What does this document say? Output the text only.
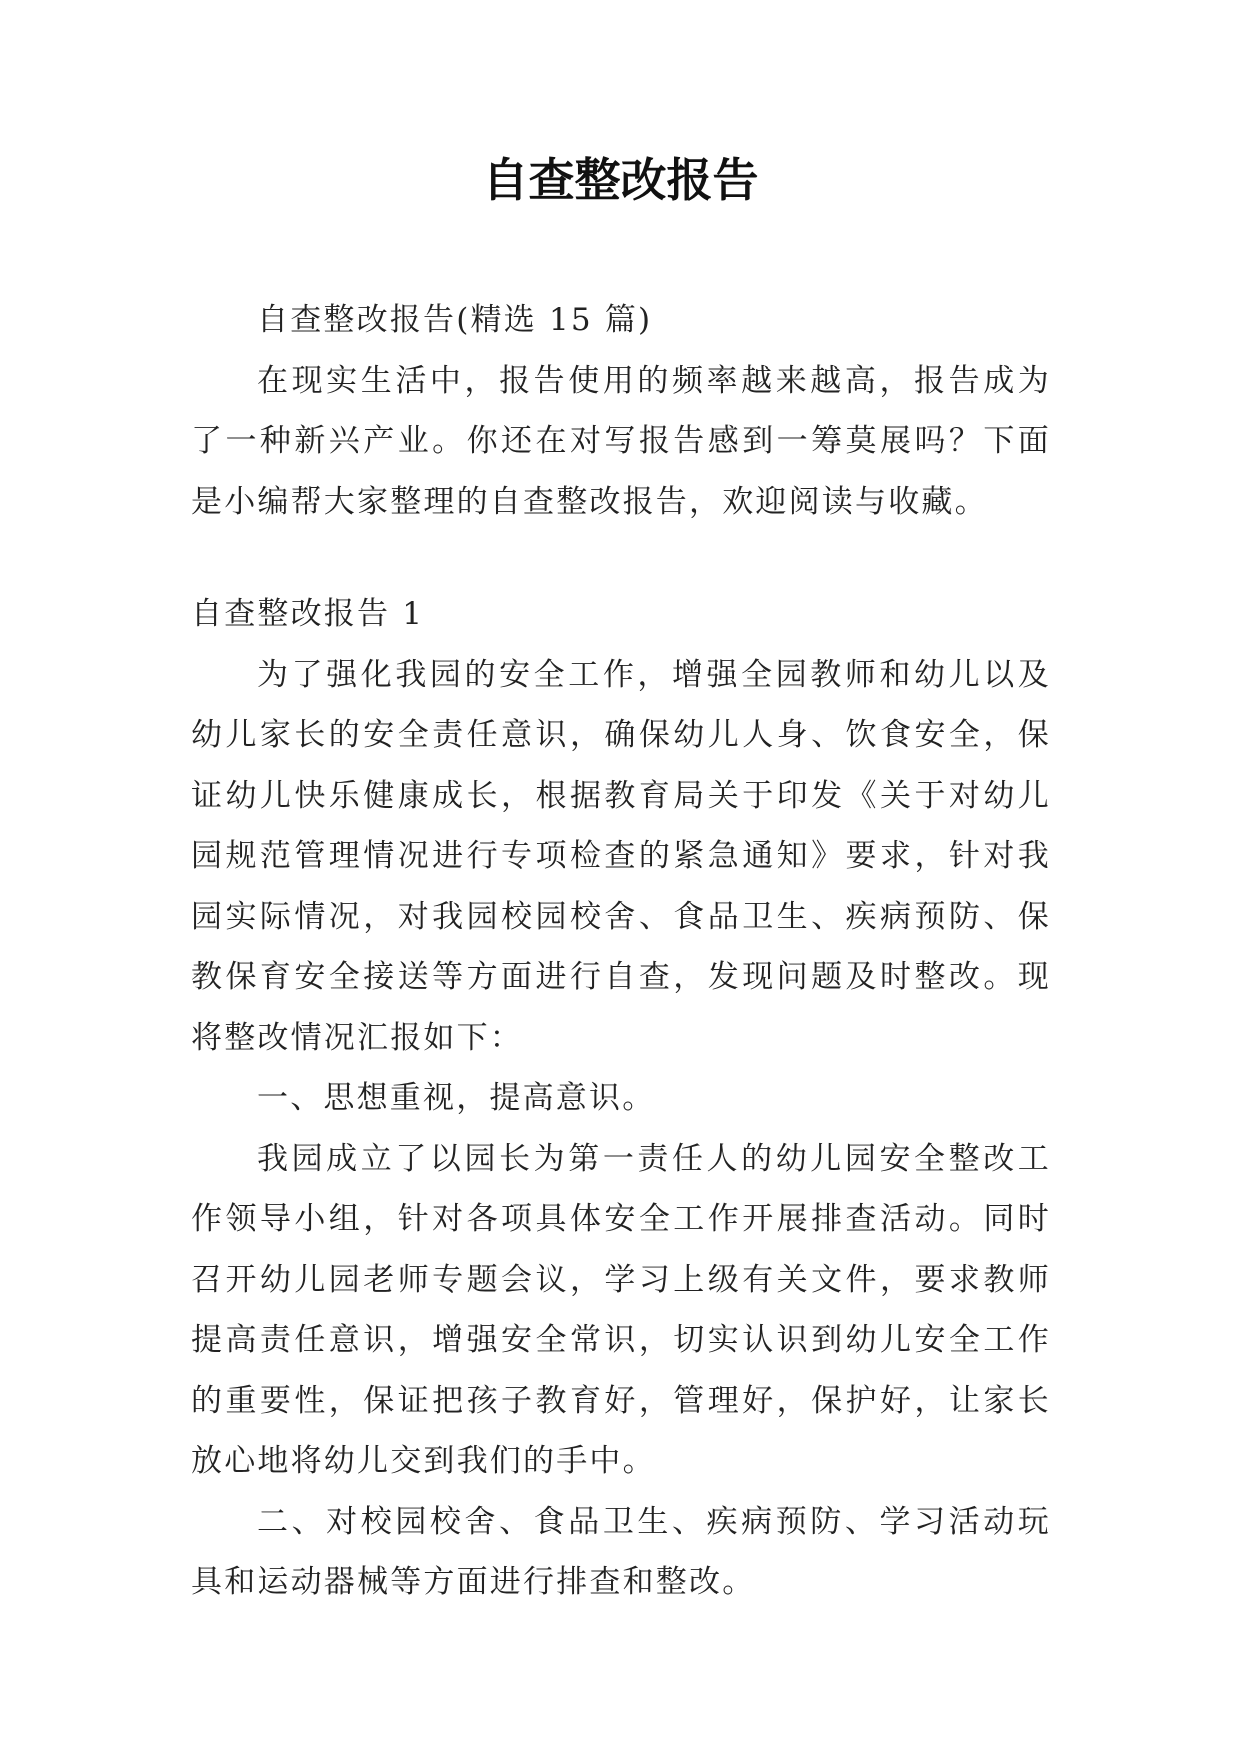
自查整改报告

自查整改报告(精选 15 篇)

在现实生活中，报告使用的频率越来越高，报告成为了一种新兴产业。你还在对写报告感到一筹莫展吗？下面是小编帮大家整理的自查整改报告，欢迎阅读与收藏。

自查整改报告 1

为了强化我园的安全工作，增强全园教师和幼儿以及幼儿家长的安全责任意识，确保幼儿人身、饮食安全，保证幼儿快乐健康成长，根据教育局关于印发《关于对幼儿园规范管理情况进行专项检查的紧急通知》要求，针对我园实际情况，对我园校园校舍、食品卫生、疾病预防、保教保育安全接送等方面进行自查，发现问题及时整改。现将整改情况汇报如下：

一、思想重视，提高意识。

我园成立了以园长为第一责任人的幼儿园安全整改工作领导小组，针对各项具体安全工作开展排查活动。同时召开幼儿园老师专题会议，学习上级有关文件，要求教师提高责任意识，增强安全常识，切实认识到幼儿安全工作的重要性，保证把孩子教育好，管理好，保护好，让家长放心地将幼儿交到我们的手中。

二、对校园校舍、食品卫生、疾病预防、学习活动玩具和运动器械等方面进行排查和整改。
